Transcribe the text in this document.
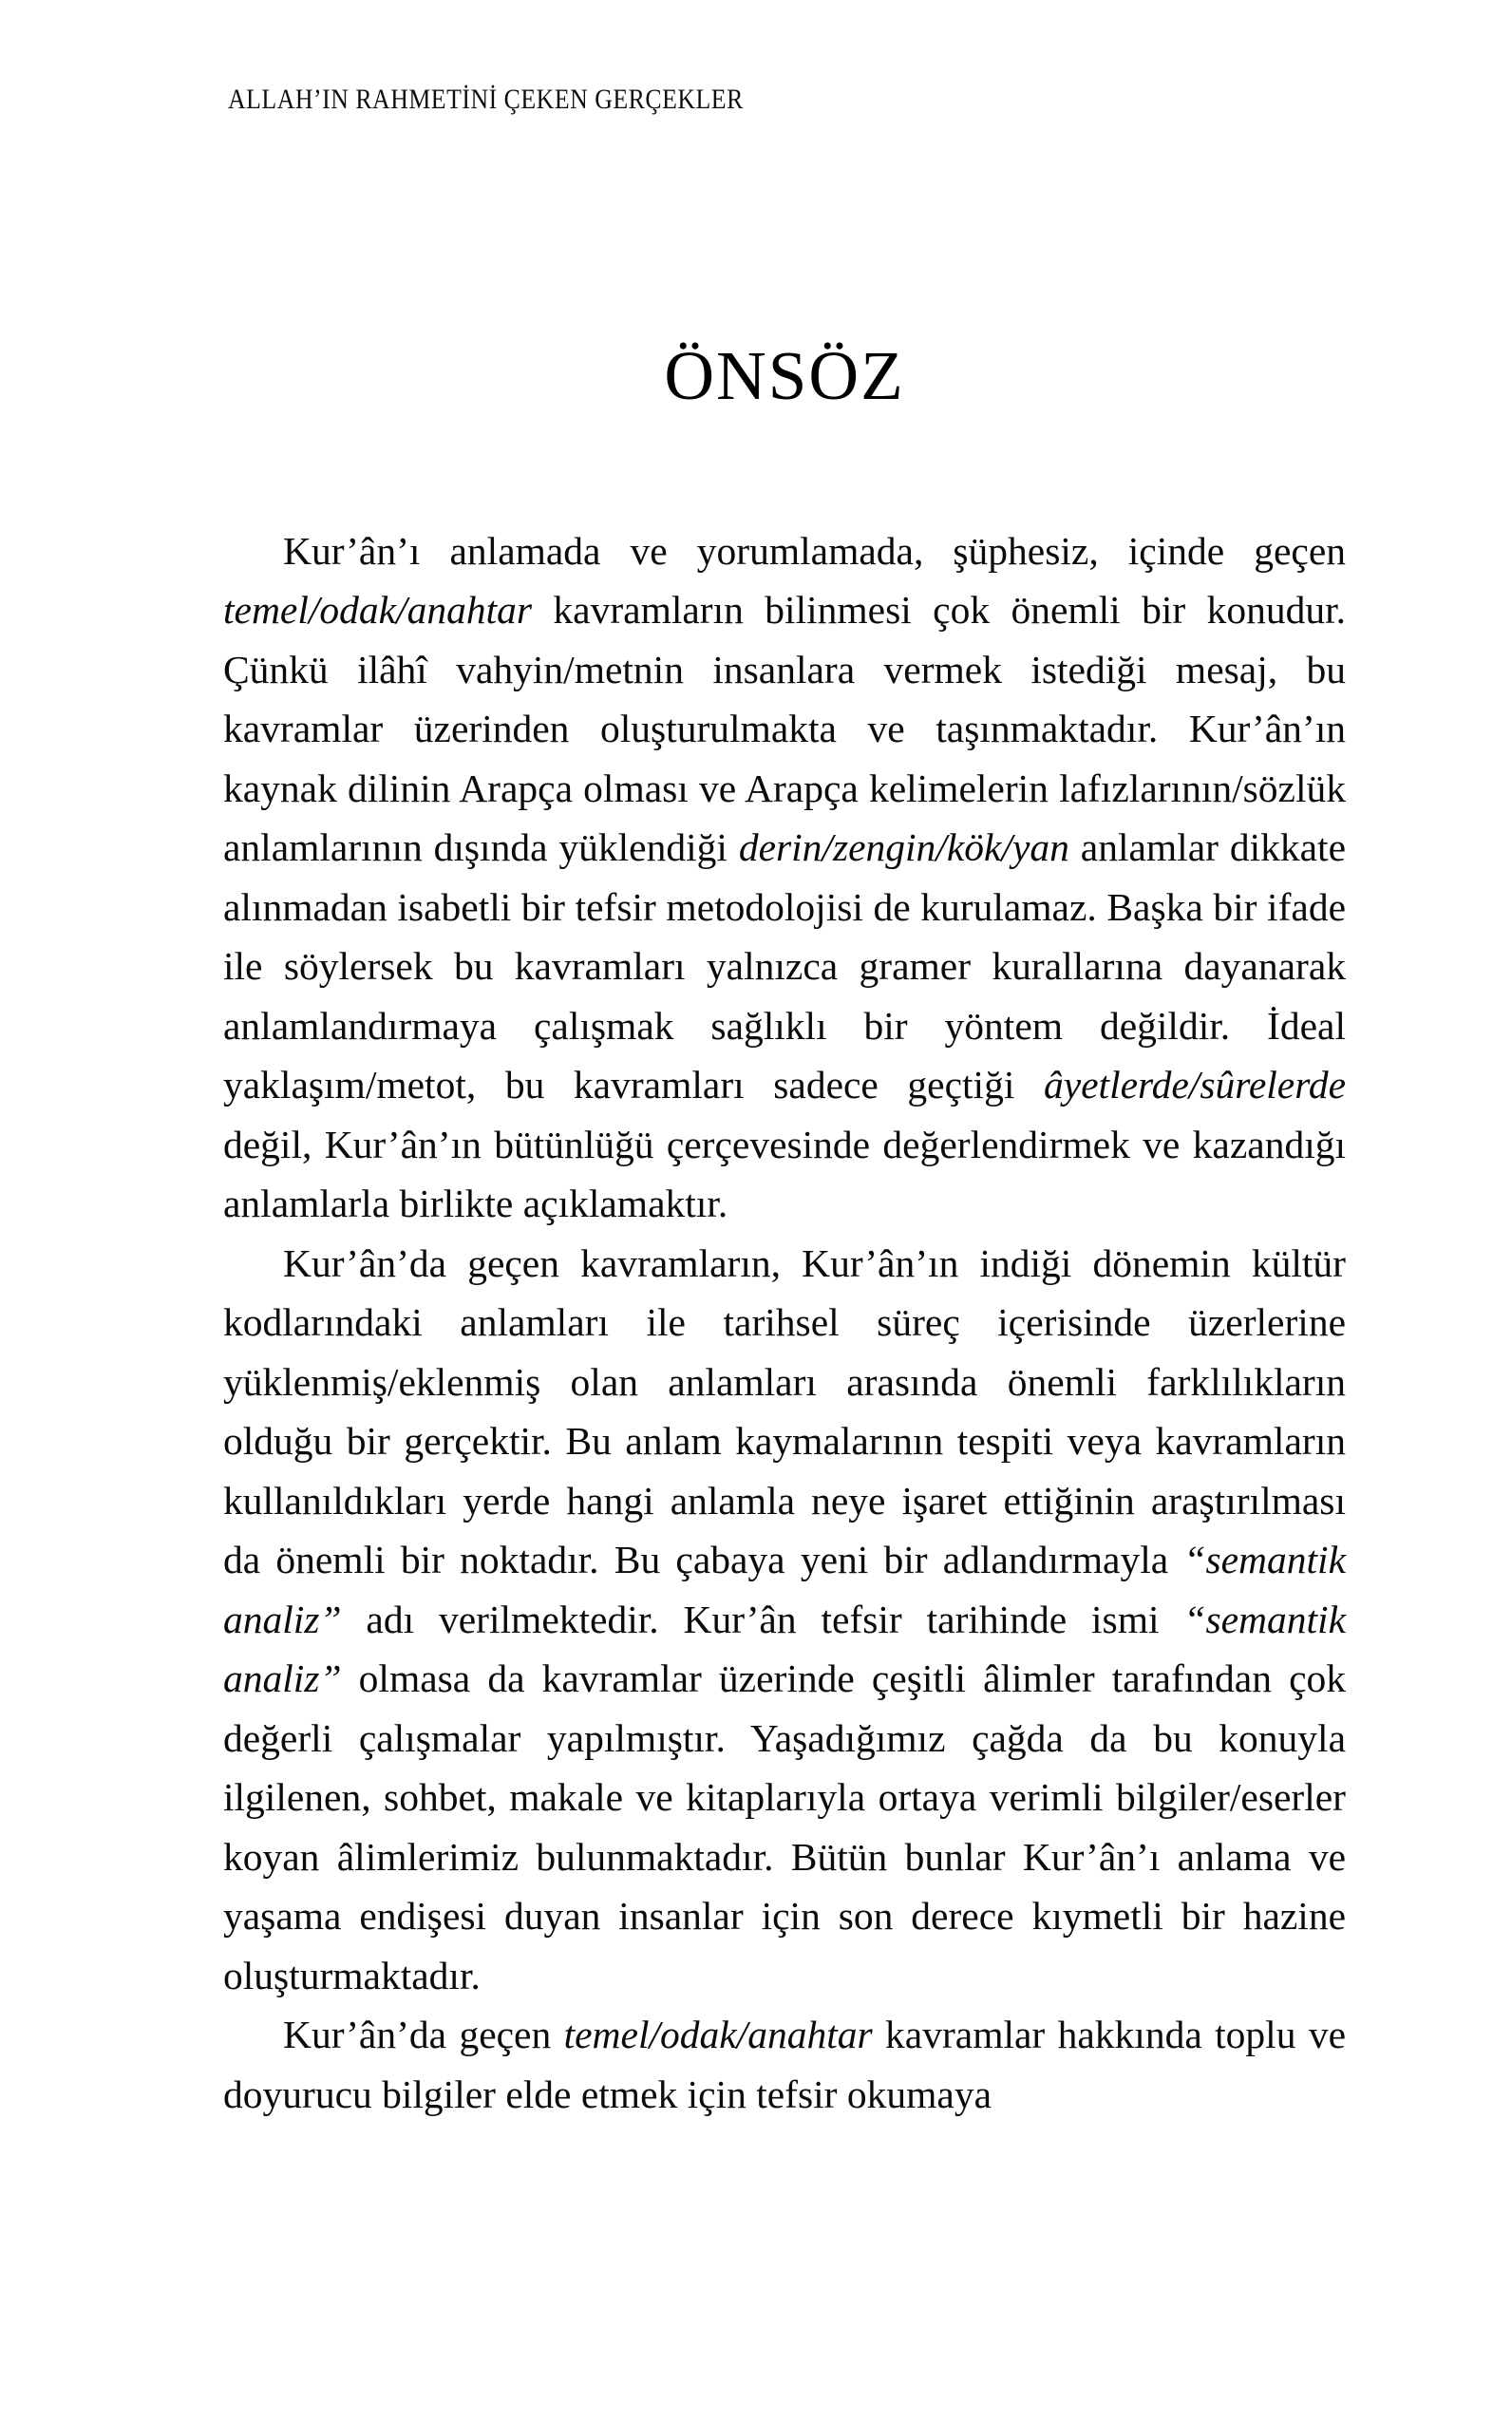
ALLAH’IN RAHMETİNİ ÇEKEN GERÇEKLER
ÖNSÖZ

Kur’ân’ı anlamada ve yorumlamada, şüphesiz, içinde geçen temel/odak/anahtar kavramların bilinmesi çok önemli bir konudur. Çünkü ilâhî vahyin/metnin insanlara vermek istediği mesaj, bu kavramlar üzerinden oluşturulmakta ve taşınmaktadır. Kur’ân’ın kaynak dilinin Arapça olması ve Arapça kelimelerin lafızlarının/sözlük anlamlarının dışında yüklendiği derin/zengin/kök/yan anlamlar dikkate alınmadan isabetli bir tefsir metodolojisi de kurulamaz. Başka bir ifade ile söylersek bu kavramları yalnızca gramer kurallarına dayanarak anlamlandırmaya çalışmak sağlıklı bir yöntem değildir. İdeal yaklaşım/metot, bu kavramları sadece geçtiği âyetlerde/sûrelerde değil, Kur’ân’ın bütünlüğü çerçevesinde değerlendirmek ve kazandığı anlamlarla birlikte açıklamaktır.

Kur’ân’da geçen kavramların, Kur’ân’ın indiği dönemin kültür kodlarındaki anlamları ile tarihsel süreç içerisinde üzerlerine yüklenmiş/eklenmiş olan anlamları arasında önemli farklılıkların olduğu bir gerçektir. Bu anlam kaymalarının tespiti veya kavramların kullanıldıkları yerde hangi anlamla neye işaret ettiğinin araştırılması da önemli bir noktadır. Bu çabaya yeni bir adlandırmayla “semantik analiz” adı verilmektedir. Kur’ân tefsir tarihinde ismi “semantik analiz” olmasa da kavramlar üzerinde çeşitli âlimler tarafından çok değerli çalışmalar yapılmıştır. Yaşadığımız çağda da bu konuyla ilgilenen, sohbet, makale ve kitaplarıyla ortaya verimli bilgiler/eserler koyan âlimlerimiz bulunmaktadır. Bütün bunlar Kur’ân’ı anlama ve yaşama endişesi duyan insanlar için son derece kıymetli bir hazine oluşturmaktadır.

Kur’ân’da geçen temel/odak/anahtar kavramlar hakkında toplu ve doyurucu bilgiler elde etmek için tefsir okumaya
